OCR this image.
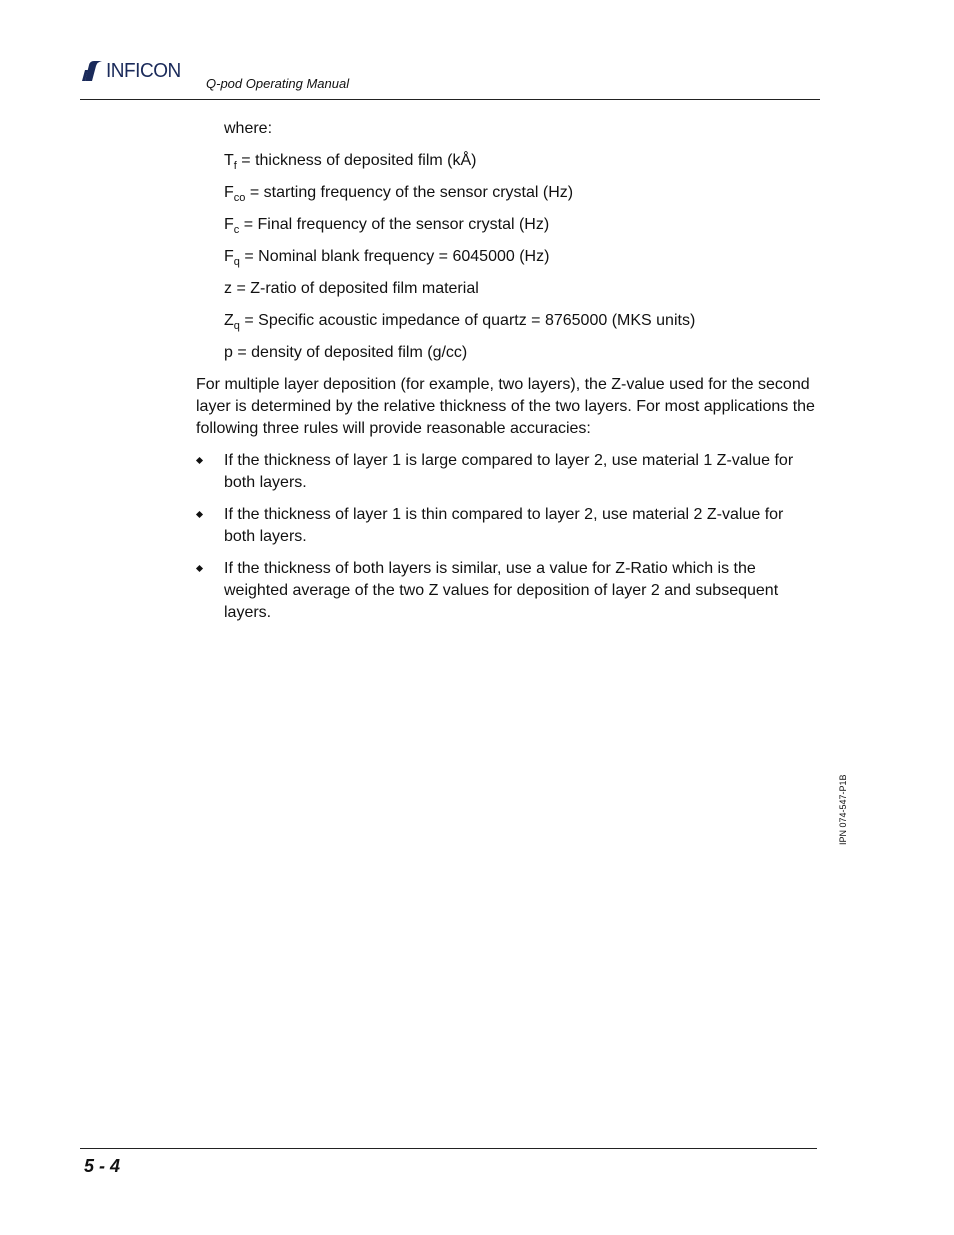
INFICON
Q-pod Operating Manual

where:

$T_f$ = thickness of deposited film (kÅ)

$F_{co}$ = starting frequency of the sensor crystal (Hz)

$F_c$ = Final frequency of the sensor crystal (Hz)

$F_q$ = Nominal blank frequency = 6045000 (Hz)

z = Z-ratio of deposited film material

$Z_q$ = Specific acoustic impedance of quartz = 8765000 (MKS units)

p = density of deposited film (g/cc)

For multiple layer deposition (for example, two layers), the Z-value used for the second layer is determined by the relative thickness of the two layers. For most applications the following three rules will provide reasonable accuracies:

If the thickness of layer 1 is large compared to layer 2, use material 1 Z-value for both layers.
If the thickness of layer 1 is thin compared to layer 2, use material 2 Z-value for both layers.
If the thickness of both layers is similar, use a value for Z-Ratio which is the weighted average of the two Z values for deposition of layer 2 and subsequent layers.
IPN 074-547-P1B
5 - 4
